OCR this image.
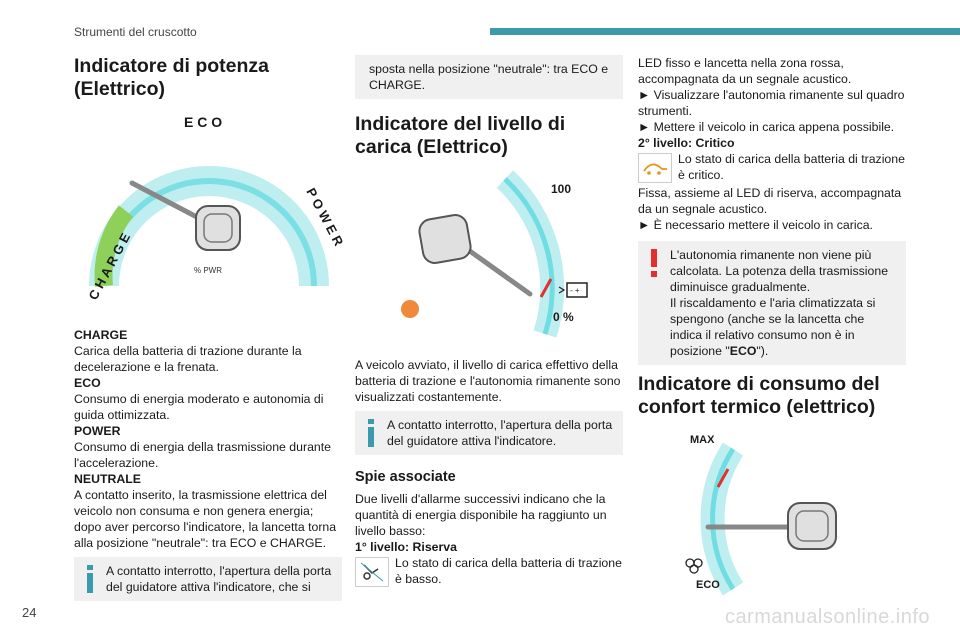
Strumenti del cruscotto
Indicatore di potenza (Elettrico)
E C O
C H A R G E
P O W E R
% PWR

CHARGE

Carica della batteria di trazione durante la decelerazione e la frenata.

ECO

Consumo di energia moderato e autonomia di guida ottimizzata.

POWER

Consumo di energia della trasmissione durante l'accelerazione.

NEUTRALE

A contatto inserito, la trasmissione elettrica del veicolo non consuma e non genera energia; dopo aver percorso l'indicatore, la lancetta torna alla posizione "neutrale": tra ECO e CHARGE.

A contatto interrotto, l'apertura della porta del guidatore attiva l'indicatore, che si

sposta nella posizione "neutrale": tra ECO e CHARGE.

Indicatore del livello di carica (Elettrico)
100
0 %
- +

A veicolo avviato, il livello di carica effettivo della batteria di trazione e l'autonomia rimanente sono visualizzati costantemente.

A contatto interrotto, l'apertura della porta del guidatore attiva l'indicatore.

Spie associate

Due livelli d'allarme successivi indicano che la quantità di energia disponibile ha raggiunto un livello basso:

1° livello: Riserva

Lo stato di carica della batteria di trazione è basso.

LED fisso e lancetta nella zona rossa, accompagnata da un segnale acustico.

► Visualizzare l'autonomia rimanente sul quadro strumenti.

► Mettere il veicolo in carica appena possibile.

2° livello: Critico

Lo stato di carica della batteria di trazione è critico.

Fissa, assieme al LED di riserva, accompagnata da un segnale acustico.

► È necessario mettere il veicolo in carica.

L'autonomia rimanente non viene più calcolata. La potenza della trasmissione diminuisce gradualmente.

Il riscaldamento e l'aria climatizzata si spengono (anche se la lancetta che indica il relativo consumo non è in posizione "ECO").

Indicatore di consumo del confort termico (elettrico)
MAX
ECO
24	carmanualsonline.info
